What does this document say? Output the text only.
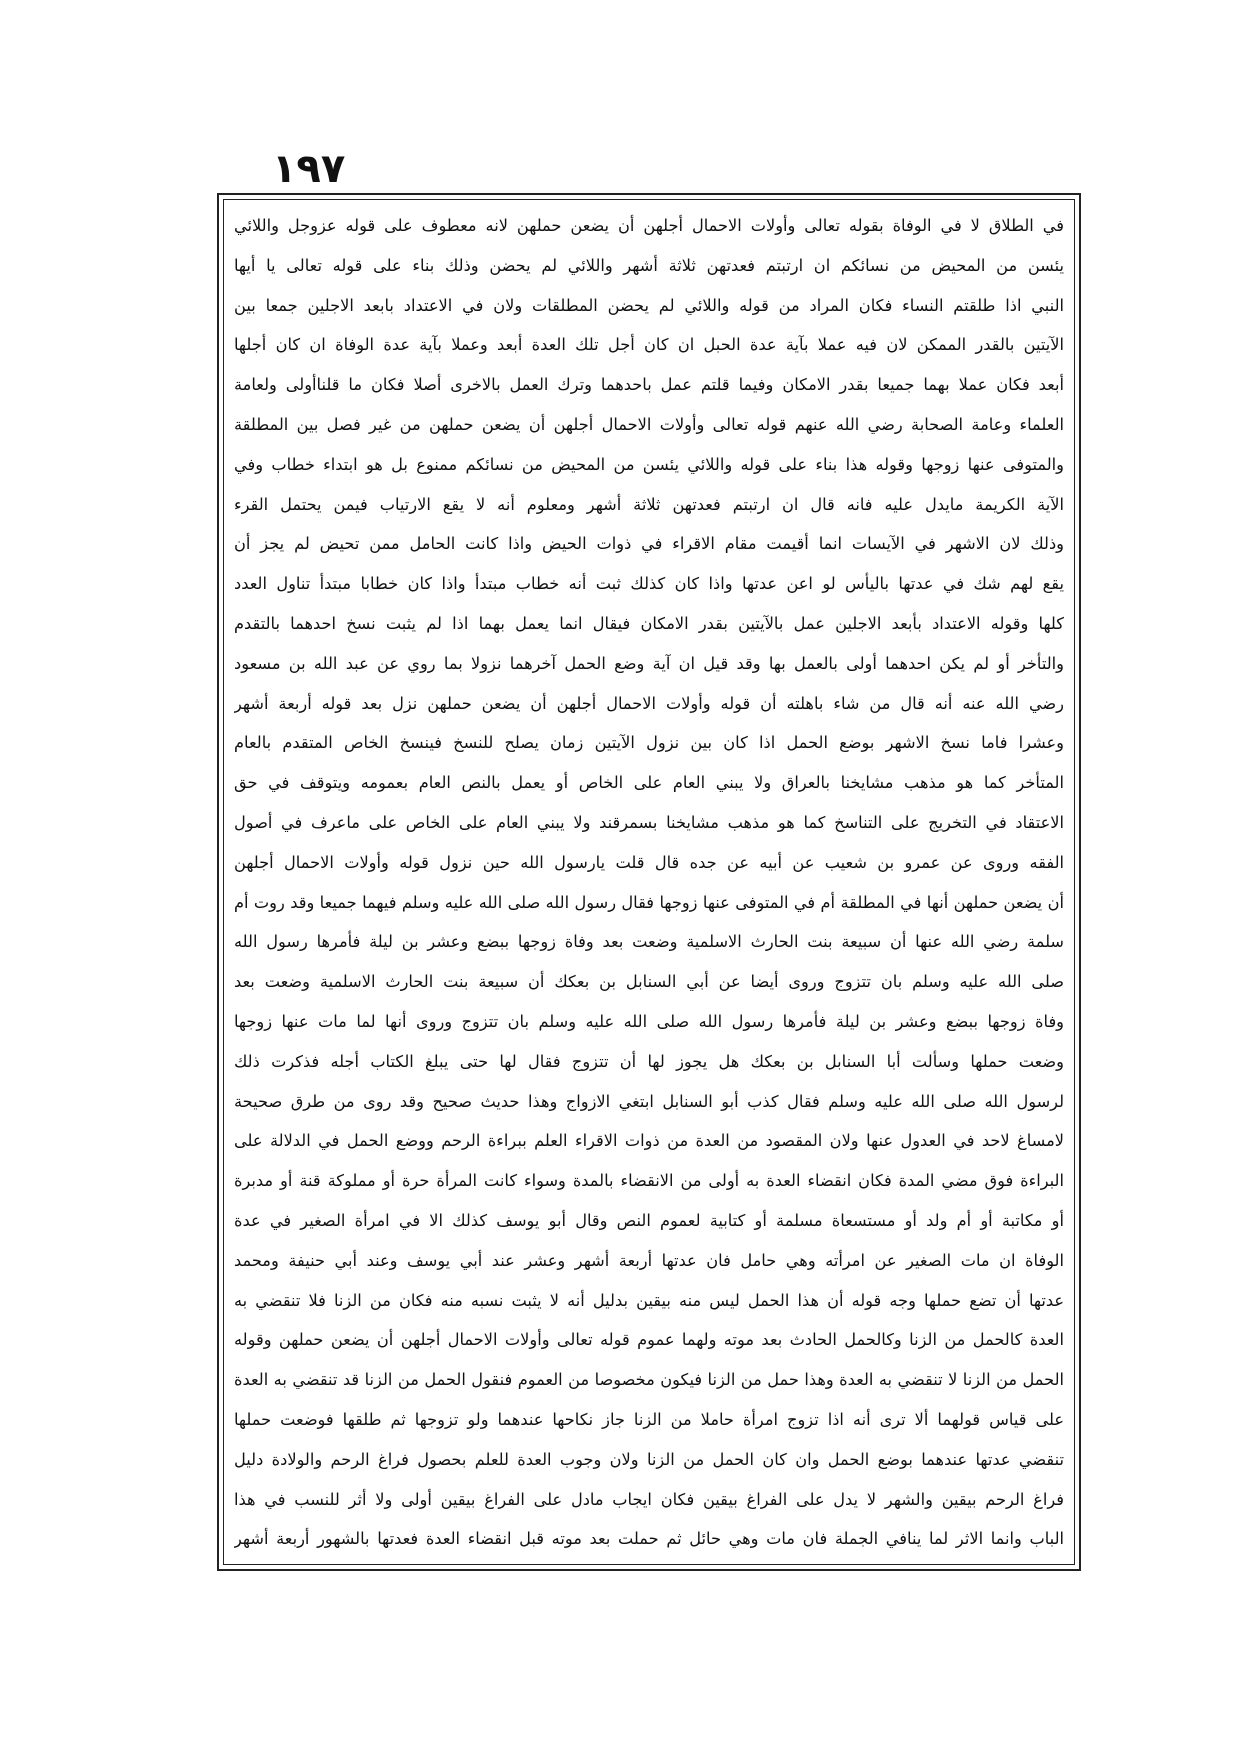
١٩٧
في الطلاق لا في الوفاة بقوله تعالى وأولات الاحمال أجلهن أن يضعن حملهن لانه معطوف على قوله عزوجل واللائي
يئسن من المحيض من نسائكم ان ارتبتم فعدتهن ثلاثة أشهر واللائي لم يحضن وذلك بناء على قوله تعالى يا أيها
النبي اذا طلقتم النساء فكان المراد من قوله واللائي لم يحضن المطلقات ولان في الاعتداد بابعد الاجلين جمعا بين
الآيتين بالقدر الممكن لان فيه عملا بآية عدة الحبل ان كان أجل تلك العدة أبعد وعملا بآية عدة الوفاة ان كان أجلها
أبعد فكان عملا بهما جميعا بقدر الامكان وفيما قلتم عمل باحدهما وترك العمل بالاخرى أصلا فكان ما قلناأولى ولعامة
العلماء وعامة الصحابة رضي الله عنهم قوله تعالى وأولات الاحمال أجلهن أن يضعن حملهن من غير فصل بين المطلقة
والمتوفى عنها زوجها وقوله هذا بناء على قوله واللائي يئسن من المحيض من نسائكم ممنوع بل هو ابتداء خطاب وفي
الآية الكريمة مايدل عليه فانه قال ان ارتبتم فعدتهن ثلاثة أشهر ومعلوم أنه لا يقع الارتياب فيمن يحتمل القرء
وذلك لان الاشهر في الآيسات انما أقيمت مقام الاقراء في ذوات الحيض واذا كانت الحامل ممن تحيض لم يجز أن
يقع لهم شك في عدتها باليأس لو اعن عدتها واذا كان كذلك ثبت أنه خطاب مبتدأ واذا كان خطابا مبتدأ تناول العدد
كلها وقوله الاعتداد بأبعد الاجلين عمل بالآيتين بقدر الامكان فيقال انما يعمل بهما اذا لم يثبت نسخ احدهما بالتقدم
والتأخر أو لم يكن احدهما أولى بالعمل بها وقد قيل ان آية وضع الحمل آخرهما نزولا بما روي عن عبد الله بن مسعود
رضي الله عنه أنه قال من شاء باهلته أن قوله وأولات الاحمال أجلهن أن يضعن حملهن نزل بعد قوله أربعة أشهر
وعشرا فاما نسخ الاشهر بوضع الحمل اذا كان بين نزول الآيتين زمان يصلح للنسخ فينسخ الخاص المتقدم بالعام
المتأخر كما هو مذهب مشايخنا بالعراق ولا يبني العام على الخاص أو يعمل بالنص العام بعمومه ويتوقف في حق
الاعتقاد في التخريج على التناسخ كما هو مذهب مشايخنا بسمرقند ولا يبني العام على الخاص على ماعرف في أصول
الفقه وروى عن عمرو بن شعيب عن أبيه عن جده قال قلت يارسول الله حين نزول قوله وأولات الاحمال أجلهن
أن يضعن حملهن أنها في المطلقة أم في المتوفى عنها زوجها فقال رسول الله صلى الله عليه وسلم فيهما جميعا وقد روت أم
سلمة رضي الله عنها أن سبيعة بنت الحارث الاسلمية وضعت بعد وفاة زوجها ببضع وعشر بن ليلة فأمرها رسول الله
صلى الله عليه وسلم بان تتزوج وروى أيضا عن أبي السنابل بن بعكك أن سبيعة بنت الحارث الاسلمية وضعت بعد
وفاة زوجها ببضع وعشر بن ليلة فأمرها رسول الله صلى الله عليه وسلم بان تتزوج وروى أنها لما مات عنها زوجها
وضعت حملها وسألت أبا السنابل بن بعكك هل يجوز لها أن تتزوج فقال لها حتى يبلغ الكتاب أجله فذكرت ذلك
لرسول الله صلى الله عليه وسلم فقال كذب أبو السنابل ابتغي الازواج وهذا حديث صحيح وقد روى من طرق صحيحة
لامساغ لاحد في العدول عنها ولان المقصود من العدة من ذوات الاقراء العلم ببراءة الرحم ووضع الحمل في الدلالة على
البراءة فوق مضي المدة فكان انقضاء العدة به أولى من الانقضاء بالمدة وسواء كانت المرأة حرة أو مملوكة قنة أو مدبرة
أو مكاتبة أو أم ولد أو مستسعاة مسلمة أو كتابية لعموم النص وقال أبو يوسف كذلك الا في امرأة الصغير في عدة
الوفاة ان مات الصغير عن امرأته وهي حامل فان عدتها أربعة أشهر وعشر عند أبي يوسف وعند أبي حنيفة ومحمد
عدتها أن تضع حملها وجه قوله أن هذا الحمل ليس منه بيقين بدليل أنه لا يثبت نسبه منه فكان من الزنا فلا تنقضي به
العدة كالحمل من الزنا وكالحمل الحادث بعد موته ولهما عموم قوله تعالى وأولات الاحمال أجلهن أن يضعن حملهن وقوله
الحمل من الزنا لا تنقضي به العدة وهذا حمل من الزنا فيكون مخصوصا من العموم فنقول الحمل من الزنا قد تنقضي به العدة
على قياس قولهما ألا ترى أنه اذا تزوج امرأة حاملا من الزنا جاز نكاحها عندهما ولو تزوجها ثم طلقها فوضعت حملها
تنقضي عدتها عندهما بوضع الحمل وان كان الحمل من الزنا ولان وجوب العدة للعلم بحصول فراغ الرحم والولادة دليل
فراغ الرحم بيقين والشهر لا يدل على الفراغ بيقين فكان ايجاب مادل على الفراغ بيقين أولى ولا أثر للنسب في هذا
الباب وانما الاثر لما ينافي الجملة فان مات وهي حائل ثم حملت بعد موته قبل انقضاء العدة فعدتها بالشهور أربعة أشهر
